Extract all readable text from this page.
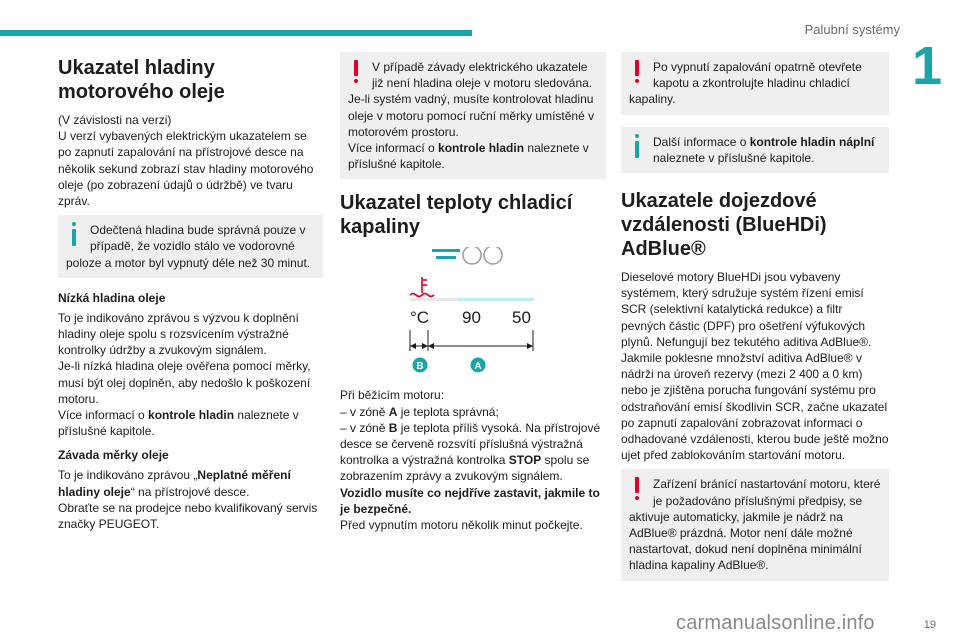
Palubní systémy
1
Ukazatel hladiny motorového oleje

(V závislosti na verzi)
U verzí vybavených elektrickým ukazatelem se po zapnutí zapalování na přístrojové desce na několik sekund zobrazí stav hladiny motorového oleje (po zobrazení údajů o údržbě) ve tvaru zpráv.

Odečtená hladina bude správná pouze v případě, že vozidlo stálo ve vodorovné poloze a motor byl vypnutý déle než 30 minut.

Nízká hladina oleje

To je indikováno zprávou s výzvou k doplnění hladiny oleje spolu s rozsvícením výstražné kontrolky údržby a zvukovým signálem.
Je-li nízká hladina oleje ověřena pomocí měrky, musí být olej doplněn, aby nedošlo k poškození motoru.
Více informací o kontrole hladin naleznete v příslušné kapitole.

Závada měrky oleje

To je indikováno zprávou „Neplatné měření hladiny oleje“ na přístrojové desce.
Obraťte se na prodejce nebo kvalifikovaný servis značky PEUGEOT.

V případě závady elektrického ukazatele již není hladina oleje v motoru sledována.
Je-li systém vadný, musíte kontrolovat hladinu oleje v motoru pomocí ruční měrky umístěné v motorovém prostoru.
Více informací o kontrole hladin naleznete v příslušné kapitole.

Ukazatel teploty chladicí kapaliny
°C 90 50
B	A

Při běžícím motoru:
– v zóně A je teplota správná;
– v zóně B je teplota příliš vysoká. Na přístrojové desce se červeně rozsvítí příslušná výstražná kontrolka a výstražná kontrolka STOP spolu se zobrazením zprávy a zvukovým signálem.
Vozidlo musíte co nejdříve zastavit, jakmile to je bezpečné.
Před vypnutím motoru několik minut počkejte.

Po vypnutí zapalování opatrně otevřete kapotu a zkontrolujte hladinu chladicí kapaliny.

Další informace o kontrole hladin náplní naleznete v příslušné kapitole.

Ukazatele dojezdové vzdálenosti (BlueHDi) AdBlue®

Dieselové motory BlueHDi jsou vybaveny systémem, který sdružuje systém řízení emisí SCR (selektivní katalytická redukce) a filtr pevných částic (DPF) pro ošetření výfukových plynů. Nefungují bez tekutého aditiva AdBlue®.

Jakmile poklesne množství aditiva AdBlue® v nádrži na úroveň rezervy (mezi 2 400 a 0 km) nebo je zjištěna porucha fungování systému pro odstraňování emisí škodlivin SCR, začne ukazatel po zapnutí zapalování zobrazovat informaci o odhadované vzdálenosti, kterou bude ještě možno ujet před zablokováním startování motoru.

Zařízení bránící nastartování motoru, které je požadováno příslušnými předpisy, se aktivuje automaticky, jakmile je nádrž na AdBlue® prázdná. Motor není dále možné nastartovat, dokud není doplněna minimální hladina kapaliny AdBlue®.

carmanualsonline.info	19
